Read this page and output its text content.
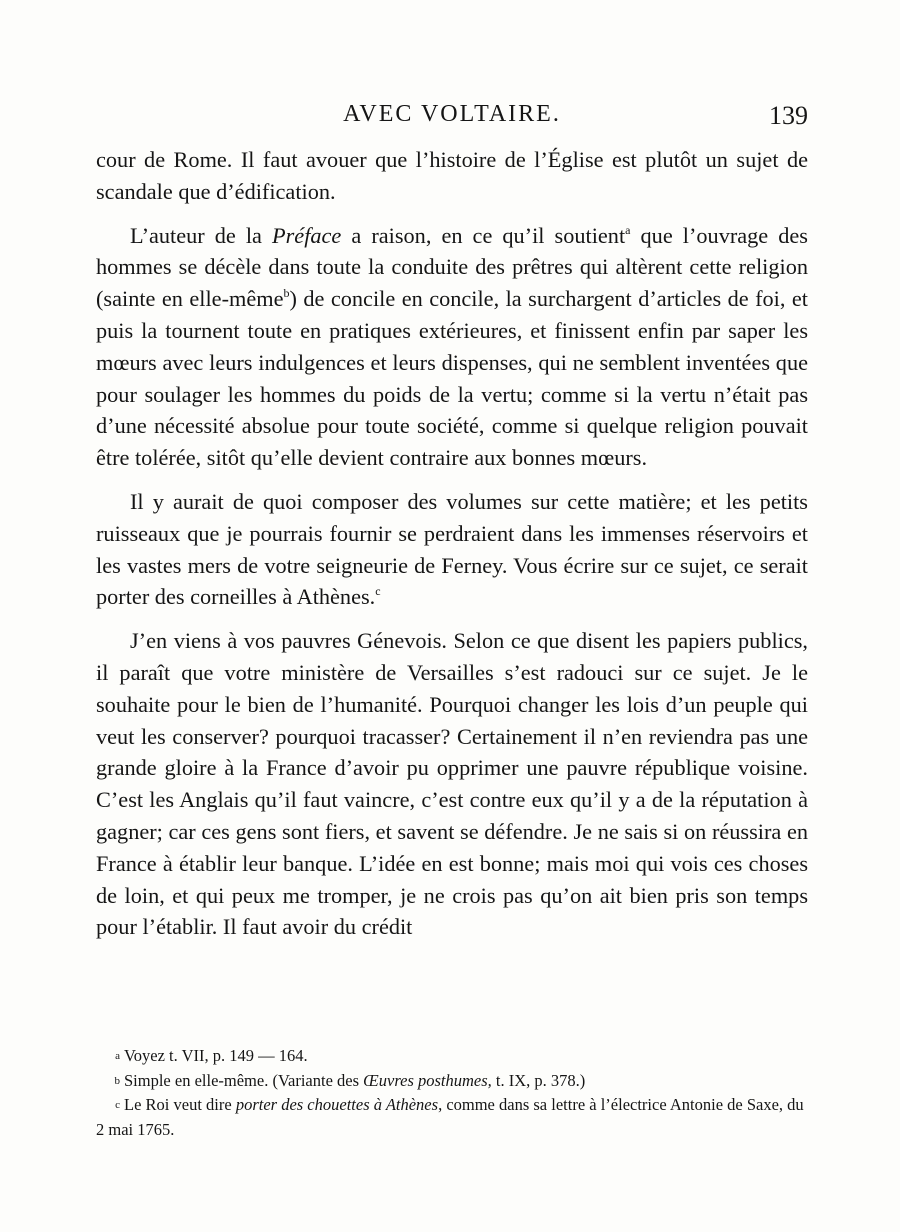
AVEC VOLTAIRE.	139

cour de Rome. Il faut avouer que l’histoire de l’Église est plutôt un sujet de scandale que d’édification.

L’auteur de la Préface a raison, en ce qu’il soutient$^a$ que l’ouvrage des hommes se décèle dans toute la conduite des prêtres qui altèrent cette religion (sainte en elle-même$^b$) de concile en concile, la surchargent d’articles de foi, et puis la tournent toute en pratiques extérieures, et finissent enfin par saper les mœurs avec leurs indulgences et leurs dispenses, qui ne semblent inventées que pour soulager les hommes du poids de la vertu; comme si la vertu n’était pas d’une nécessité absolue pour toute société, comme si quelque religion pouvait être tolérée, sitôt qu’elle devient contraire aux bonnes mœurs.

Il y aurait de quoi composer des volumes sur cette matière; et les petits ruisseaux que je pourrais fournir se perdraient dans les immenses réservoirs et les vastes mers de votre seigneurie de Ferney. Vous écrire sur ce sujet, ce serait porter des corneilles à Athènes.$^c$

J’en viens à vos pauvres Génevois. Selon ce que disent les papiers publics, il paraît que votre ministère de Versailles s’est radouci sur ce sujet. Je le souhaite pour le bien de l’humanité. Pourquoi changer les lois d’un peuple qui veut les conserver? pourquoi tracasser? Certainement il n’en reviendra pas une grande gloire à la France d’avoir pu opprimer une pauvre république voisine. C’est les Anglais qu’il faut vaincre, c’est contre eux qu’il y a de la réputation à gagner; car ces gens sont fiers, et savent se défendre. Je ne sais si on réussira en France à établir leur banque. L’idée en est bonne; mais moi qui vois ces choses de loin, et qui peux me tromper, je ne crois pas qu’on ait bien pris son temps pour l’établir. Il faut avoir du crédit

a Voyez t. VII, p. 149 — 164.

b Simple en elle-même. (Variante des Œuvres posthumes, t. IX, p. 378.)

c Le Roi veut dire porter des chouettes à Athènes, comme dans sa lettre à l’électrice Antonie de Saxe, du 2 mai 1765.
